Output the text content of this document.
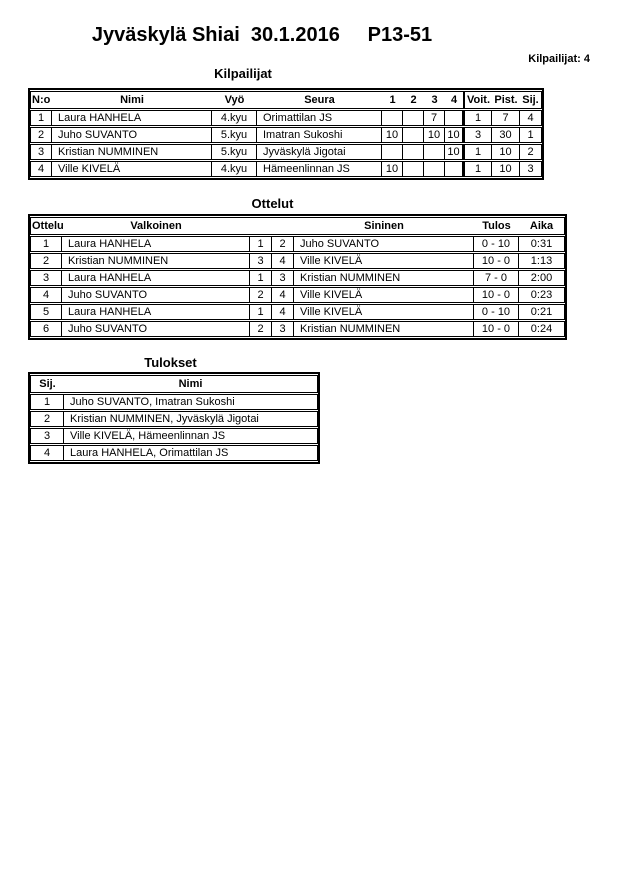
Jyväskylä Shiai  30.1.2016     P13-51
Kilpailijat: 4
Kilpailijat
N:o	Nimi	Vyö	Seura	1	2	3	4	Voit.	Pist.	Sij.
1	Laura HANHELA	4.kyu	Orimattilan JS			7		1	7	4
2	Juho SUVANTO	5.kyu	Imatran Sukoshi	10		10	10	3	30	1
3	Kristian NUMMINEN	5.kyu	Jyväskylä Jigotai				10	1	10	2
4	Ville KIVELÄ	4.kyu	Hämeenlinnan JS	10				1	10	3
Ottelut
Ottelu	Valkoinen			Sininen	Tulos	Aika
1	Laura HANHELA	1	2	Juho SUVANTO	0 - 10	0:31
2	Kristian NUMMINEN	3	4	Ville KIVELÄ	10 - 0	1:13
3	Laura HANHELA	1	3	Kristian NUMMINEN	7 - 0	2:00
4	Juho SUVANTO	2	4	Ville KIVELÄ	10 - 0	0:23
5	Laura HANHELA	1	4	Ville KIVELÄ	0 - 10	0:21
6	Juho SUVANTO	2	3	Kristian NUMMINEN	10 - 0	0:24
Tulokset
Sij.	Nimi
1	Juho SUVANTO, Imatran Sukoshi
2	Kristian NUMMINEN, Jyväskylä Jigotai
3	Ville KIVELÄ, Hämeenlinnan JS
4	Laura HANHELA, Orimattilan JS
